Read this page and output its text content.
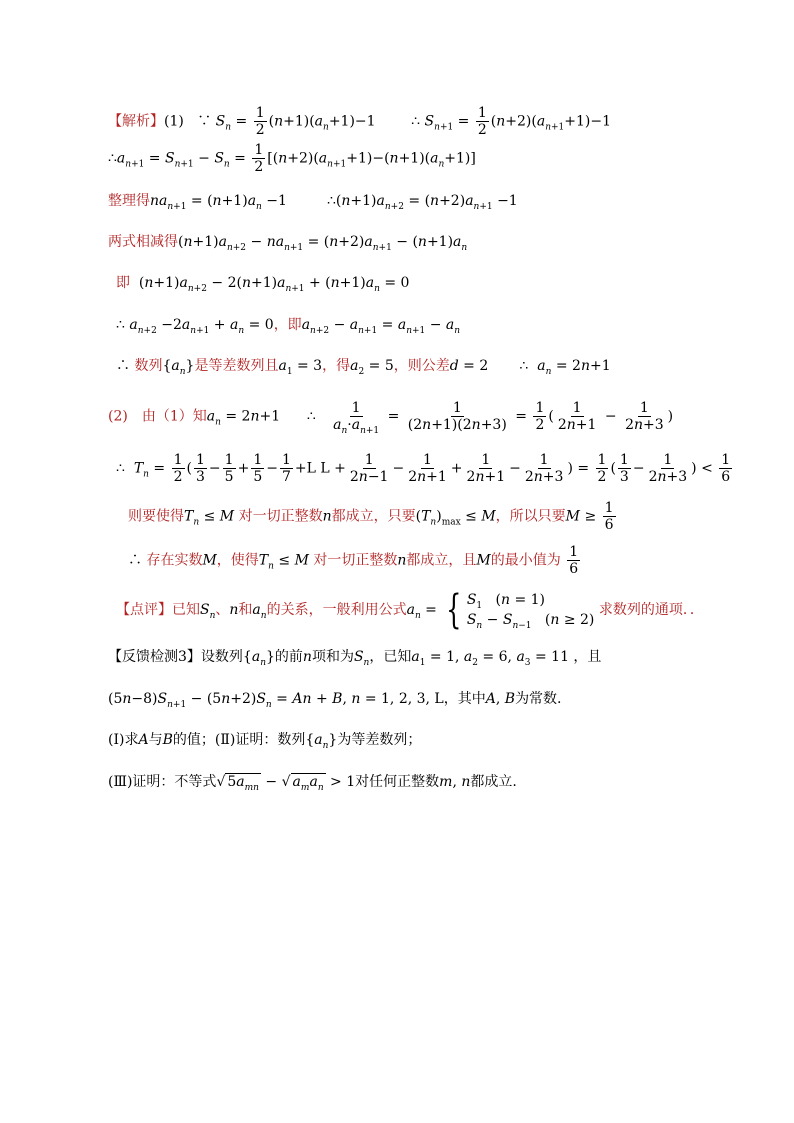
【解析】(1) ∵ $S_n = \frac{1}{2} (n+1)(a_n+1)-1$        ∴ $S_{n+1} = \frac{1}{2} (n+2)(a_{n+1}+1)-1$
$\therefore a_{n+1} = S_{n+1} - S_n = \frac{1}{2} [(n+2)(a_{n+1}+1)-(n+1)(a_n+1)]$
整理得$na_{n+1} = (n+1)a_n -1$         $\therefore(n+1)a_{n+2} = (n+2)a_{n+1} -1$
两式相减得$(n+1)a_{n+2} - na_{n+1} = (n+2)a_{n+1} - (n+1)a_n$
即  $(n+1)a_{n+2} - 2(n+1)a_{n+1} + (n+1)a_n = 0$
∴ $a_{n+2} -2a_{n+1} + a_n = 0$，即$a_{n+2} - a_{n+1} = a_{n+1} - a_n$
∴ 数列$\{a_n\}$是等差数列且$a_1 = 3$，得$a_2 = 5$，则公差d = 2       ∴ $a_n = 2n+1$
(2)　由（1）知$a_n = 2n+1$      ∴ $\frac{1}{a_n\cdot a_{n+1}} = \frac{1}{(2n+1)(2n+3)} = \frac{1}{2}$ ( $\frac{1}{2n+1} - \frac{1}{2n+3}$ )
∴ $T_n = \frac{1}{2}$ ( $\frac{1}{3} - \frac{1}{5} + \frac{1}{5} - \frac{1}{7} +L$ $L + \frac{1}{2n-1} - \frac{1}{2n+1} + \frac{1}{2n+1} - \frac{1}{2n+3}$ ) = $\frac{1}{2}$ ( $\frac{1}{3} - \frac{1}{2n+3}$ ) < $\frac{1}{6}$
则要使得$T_n \le M$ 对一切正整数n都成立，只要$(T_n)_{max} \le M$，所以只要$M \ge \frac{1}{6}$
∴ 存在实数M，使得$T_n \le M$ 对一切正整数n都成立，且M的最小值为 $\frac{1}{6}$
【点评】已知$S_n$、n和$a_n$的关系，一般利用公式$a_n$ = { $S_1$   (n = 1)
$S_n - S_{n-1}$   (n ≥ 2)
求数列的通项．．
【反馈检测3】设数列$\{a_n\}$的前n项和为$S_n$，已知$a_1 = 1$, $a_2 = 6$, $a_3 = 11$ ，且
$(5n-8)S_{n+1} - (5n+2)S_n = An + B$, n = 1, 2, 3, L，其中A, B为常数.
(Ⅰ)求A与B的值；(Ⅱ)证明：数列$\{a_n\}$为等差数列；
(Ⅲ)证明：不等式√ $5a_{mn}$ − √ $a_ma_n > 1$对任何正整数m, n都成立.
